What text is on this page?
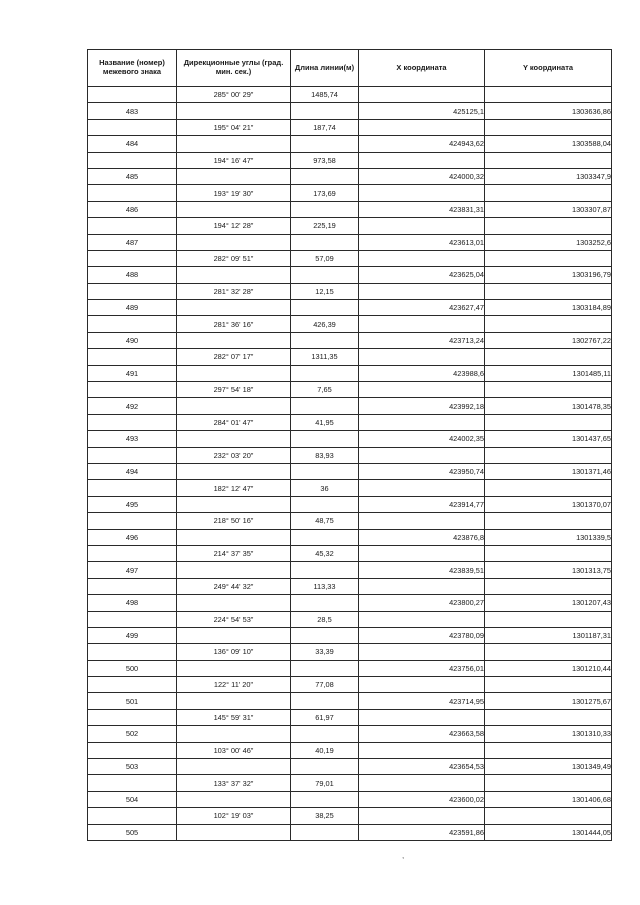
Название (номер) межевого знака	Дирекционные углы (град. мин. сек.)	Длина линии(м)	X координата	Y координата
	285° 00' 29"	1485,74		
483			425125,1	1303636,86
	195° 04' 21"	187,74		
484			424943,62	1303588,04
	194° 16' 47"	973,58		
485			424000,32	1303347,9
	193° 19' 30"	173,69		
486			423831,31	1303307,87
	194° 12' 28"	225,19		
487			423613,01	1303252,6
	282° 09' 51"	57,09		
488			423625,04	1303196,79
	281° 32' 28"	12,15		
489			423627,47	1303184,89
	281° 36' 16"	426,39		
490			423713,24	1302767,22
	282° 07' 17"	1311,35		
491			423988,6	1301485,11
	297° 54' 18"	7,65		
492			423992,18	1301478,35
	284° 01' 47"	41,95		
493			424002,35	1301437,65
	232° 03' 20"	83,93		
494			423950,74	1301371,46
	182° 12' 47"	36		
495			423914,77	1301370,07
	218° 50' 16"	48,75		
496			423876,8	1301339,5
	214° 37' 35"	45,32		
497			423839,51	1301313,75
	249° 44' 32"	113,33		
498			423800,27	1301207,43
	224° 54' 53"	28,5		
499			423780,09	1301187,31
	136° 09' 10"	33,39		
500			423756,01	1301210,44
	122° 11' 20"	77,08		
501			423714,95	1301275,67
	145° 59' 31"	61,97		
502			423663,58	1301310,33
	103° 00' 46"	40,19		
503			423654,53	1301349,49
	133° 37' 32"	79,01		
504			423600,02	1301406,68
	102° 19' 03"	38,25		
505			423591,86	1301444,05
,
